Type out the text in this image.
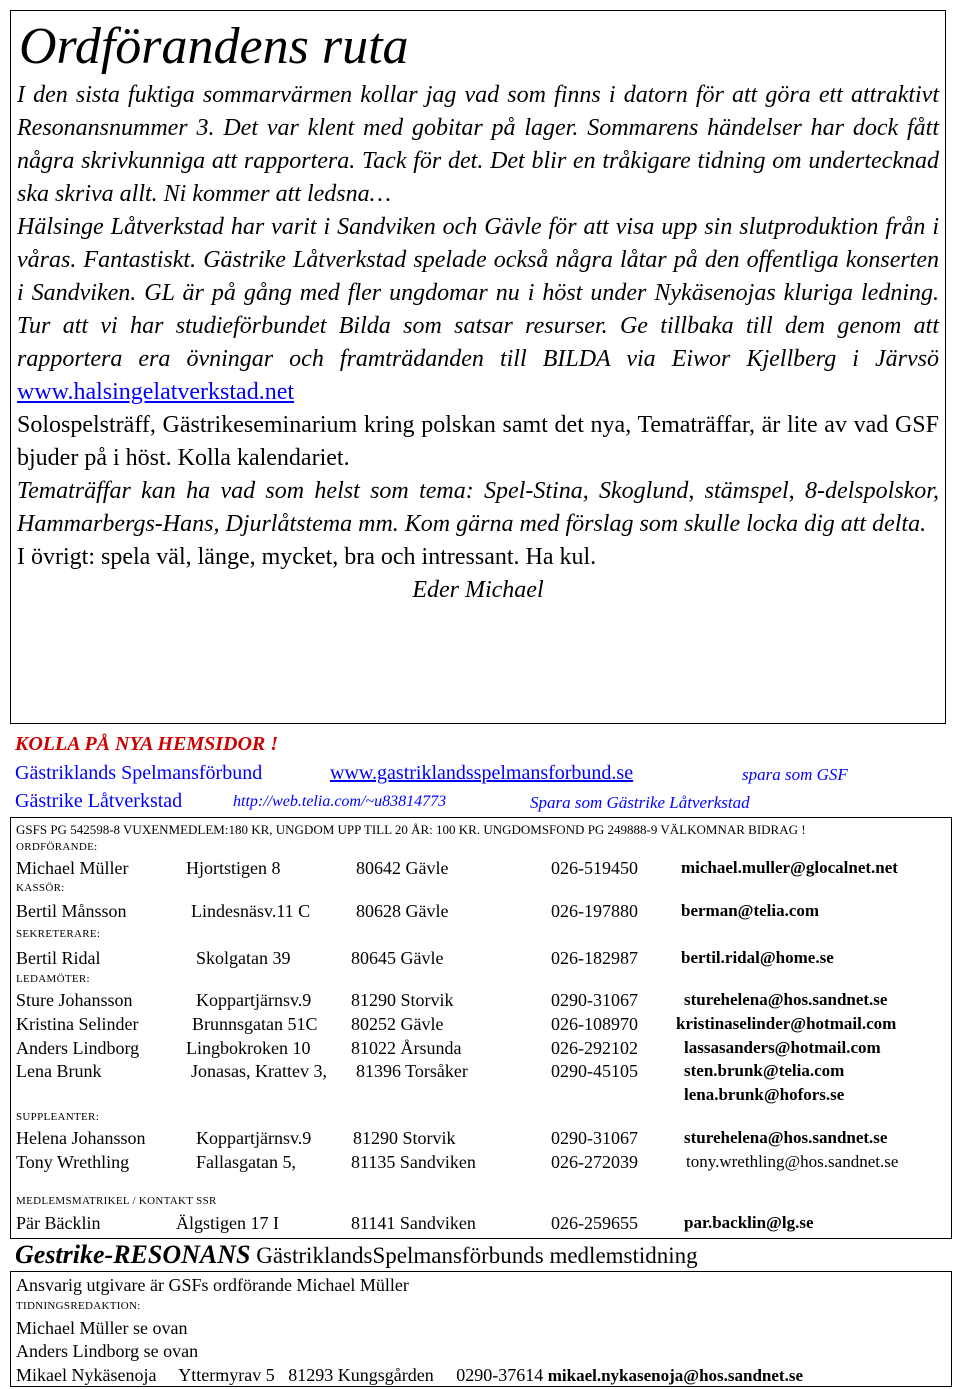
Ordförandens ruta

I den sista fuktiga sommarvärmen kollar jag vad som finns i datorn för att göra ett attraktivt Resonansnummer 3. Det var klent med gobitar på lager. Sommarens händelser har dock fått några skrivkunniga att rapportera. Tack för det. Det blir en tråkigare tidning om undertecknad ska skriva allt. Ni kommer att ledsna…

Hälsinge Låtverkstad har varit i Sandviken och Gävle för att visa upp sin slutproduktion från i våras. Fantastiskt. Gästrike Låtverkstad spelade också några låtar på den offentliga konserten i Sandviken. GL är på gång med fler ungdomar nu i höst under Nykäsenojas kluriga ledning. Tur att vi har studieförbundet Bilda som satsar resurser. Ge tillbaka till dem genom att rapportera era övningar och framträdanden till BILDA via Eiwor Kjellberg i Järvsö www.halsingelatverkstad.net

Solospelsträff, Gästrikeseminarium kring polskan samt det nya, Tematräffar, är lite av vad GSF bjuder på i höst. Kolla kalendariet.

Tematräffar kan ha vad som helst som tema: Spel-Stina, Skoglund, stämspel, 8-delspolskor, Hammarbergs-Hans, Djurlåtstema mm. Kom gärna med förslag som skulle locka dig att delta.

I övrigt: spela väl, länge, mycket, bra och intressant. Ha kul.

Eder Michael

KOLLA PÅ NYA HEMSIDOR !
Gästriklands Spelmansförbund	www.gastriklandsspelmansforbund.se	spara som GSF
Gästrike Låtverkstad	http://web.telia.com/~u83814773	Spara som Gästrike Låtverkstad
GSFS PG 542598-8 VUXENMEDLEM:180 KR, UNGDOM UPP TILL 20 ÅR: 100 KR. UNGDOMSFOND PG 249888-9 VÄLKOMNAR BIDRAG !
ORDFÖRANDE:
Michael Müller	Hjortstigen 8	80642 Gävle	026-519450	michael.muller@glocalnet.net
KASSÖR:
Bertil Månsson	Lindesnäsv.11 C	80628 Gävle	026-197880	berman@telia.com
SEKRETERARE:
Bertil Ridal	Skolgatan 39	80645 Gävle	026-182987	bertil.ridal@home.se
LEDAMÖTER:
Sture Johansson	Koppartjärnsv.9 81290 Storvik	0290-31067	sturehelena@hos.sandnet.se
Kristina Selinder	Brunnsgatan 51C 80252 Gävle	026-108970 kristinaselinder@hotmail.com
Anders Lindborg	Lingbokroken 10 81022 Årsunda	026-292102	lassasanders@hotmail.com
Lena Brunk	Jonasas, Krattev 3, 81396 Torsåker	0290-45105	sten.brunk@telia.com
lena.brunk@hofors.se
SUPPLEANTER:
Helena Johansson	Koppartjärnsv.9 81290 Storvik	0290-31067	sturehelena@hos.sandnet.se
Tony Wrethling	Fallasgatan 5,	81135 Sandviken	026-272039	tony.wrethling@hos.sandnet.se
MEDLEMSMATRIKEL / KONTAKT SSR
Pär Bäcklin	Älgstigen 17 I	81141 Sandviken	026-259655	par.backlin@lg.se
Gestrike-RESONANS GästriklandsSpelmansförbunds medlemstidning
Ansvarig utgivare är GSFs ordförande Michael Müller
TIDNINGSREDAKTION:
Michael Müller se ovan
Anders Lindborg se ovan
Mikael Nykäsenoja     Yttermyrav 5   81293 Kungsgården     0290-37614 mikael.nykasenoja@hos.sandnet.se
